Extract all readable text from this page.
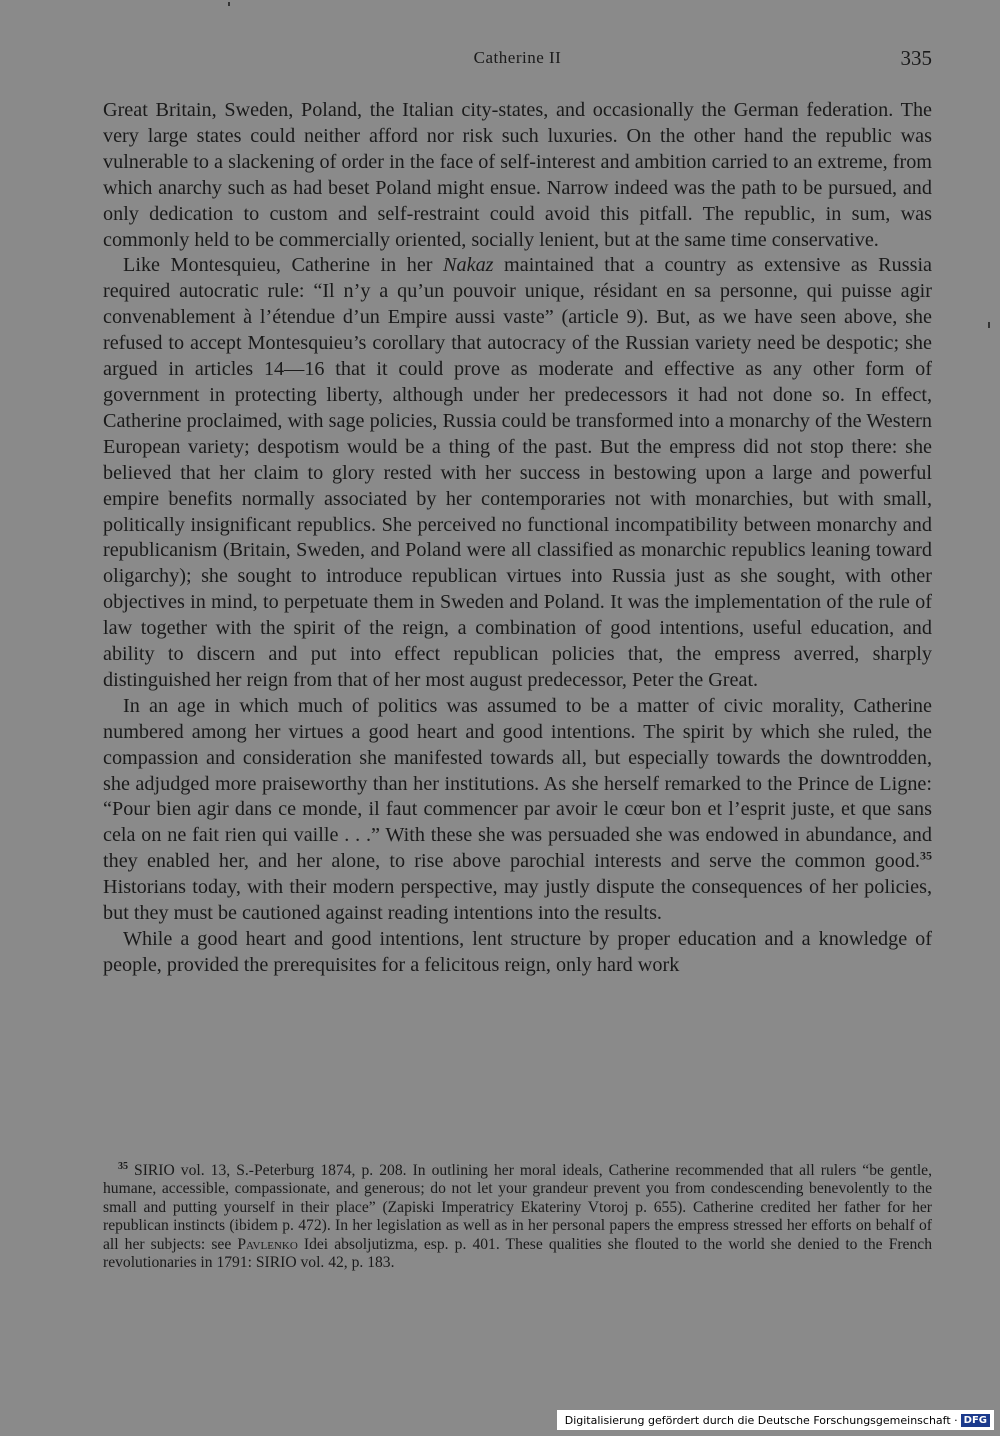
Catherine II	335

Great Britain, Sweden, Poland, the Italian city-states, and occasionally the German federation. The very large states could neither afford nor risk such luxuries. On the other hand the republic was vulnerable to a slackening of order in the face of self-interest and ambition carried to an extreme, from which anarchy such as had beset Poland might ensue. Narrow indeed was the path to be pursued, and only dedication to custom and self-restraint could avoid this pitfall. The republic, in sum, was commonly held to be commercially oriented, socially lenient, but at the same time conservative.

Like Montesquieu, Catherine in her Nakaz maintained that a country as extensive as Russia required autocratic rule: “Il n’y a qu’un pouvoir unique, résidant en sa personne, qui puisse agir convenablement à l’étendue d’un Empire aussi vaste” (article 9). But, as we have seen above, she refused to accept Montesquieu’s corollary that autocracy of the Russian variety need be despotic; she argued in articles 14—16 that it could prove as moderate and effective as any other form of government in protecting liberty, although under her predecessors it had not done so. In effect, Catherine proclaimed, with sage policies, Russia could be transformed into a monarchy of the Western European variety; despotism would be a thing of the past. But the empress did not stop there: she believed that her claim to glory rested with her success in bestowing upon a large and powerful empire benefits normally associated by her contemporaries not with monarchies, but with small, politically insignificant republics. She perceived no functional incompatibility between monarchy and republicanism (Britain, Sweden, and Poland were all classified as monarchic republics leaning toward oligarchy); she sought to introduce republican virtues into Russia just as she sought, with other objectives in mind, to perpetuate them in Sweden and Poland. It was the implementation of the rule of law together with the spirit of the reign, a combination of good intentions, useful education, and ability to discern and put into effect republican policies that, the empress averred, sharply distinguished her reign from that of her most august predecessor, Peter the Great.

In an age in which much of politics was assumed to be a matter of civic morality, Catherine numbered among her virtues a good heart and good intentions. The spirit by which she ruled, the compassion and consideration she manifested towards all, but especially towards the downtrodden, she adjudged more praiseworthy than her institutions. As she herself remarked to the Prince de Ligne: “Pour bien agir dans ce monde, il faut commencer par avoir le cœur bon et l’esprit juste, et que sans cela on ne fait rien qui vaille . . .” With these she was persuaded she was endowed in abundance, and they enabled her, and her alone, to rise above parochial interests and serve the common good.$^{35}$ Historians today, with their modern perspective, may justly dispute the consequences of her policies, but they must be cautioned against reading intentions into the results.

While a good heart and good intentions, lent structure by proper education and a knowledge of people, provided the prerequisites for a felicitous reign, only hard work

$^{35}$ SIRIO vol. 13, S.-Peterburg 1874, p. 208. In outlining her moral ideals, Catherine recommended that all rulers “be gentle, humane, accessible, compassionate, and generous; do not let your grandeur prevent you from condescending benevolently to the small and putting yourself in their place” (Zapiski Imperatricy Ekateriny Vtoroj p. 655). Catherine credited her father for her republican instincts (ibidem p. 472). In her legislation as well as in her personal papers the empress stressed her efforts on behalf of all her subjects: see Pavlenko Idei absoljutizma, esp. p. 401. These qualities she flouted to the world she denied to the French revolutionaries in 1791: SIRIO vol. 42, p. 183.

Digitalisierung gefördert durch die Deutsche Forschungsgemeinschaft · DFG
